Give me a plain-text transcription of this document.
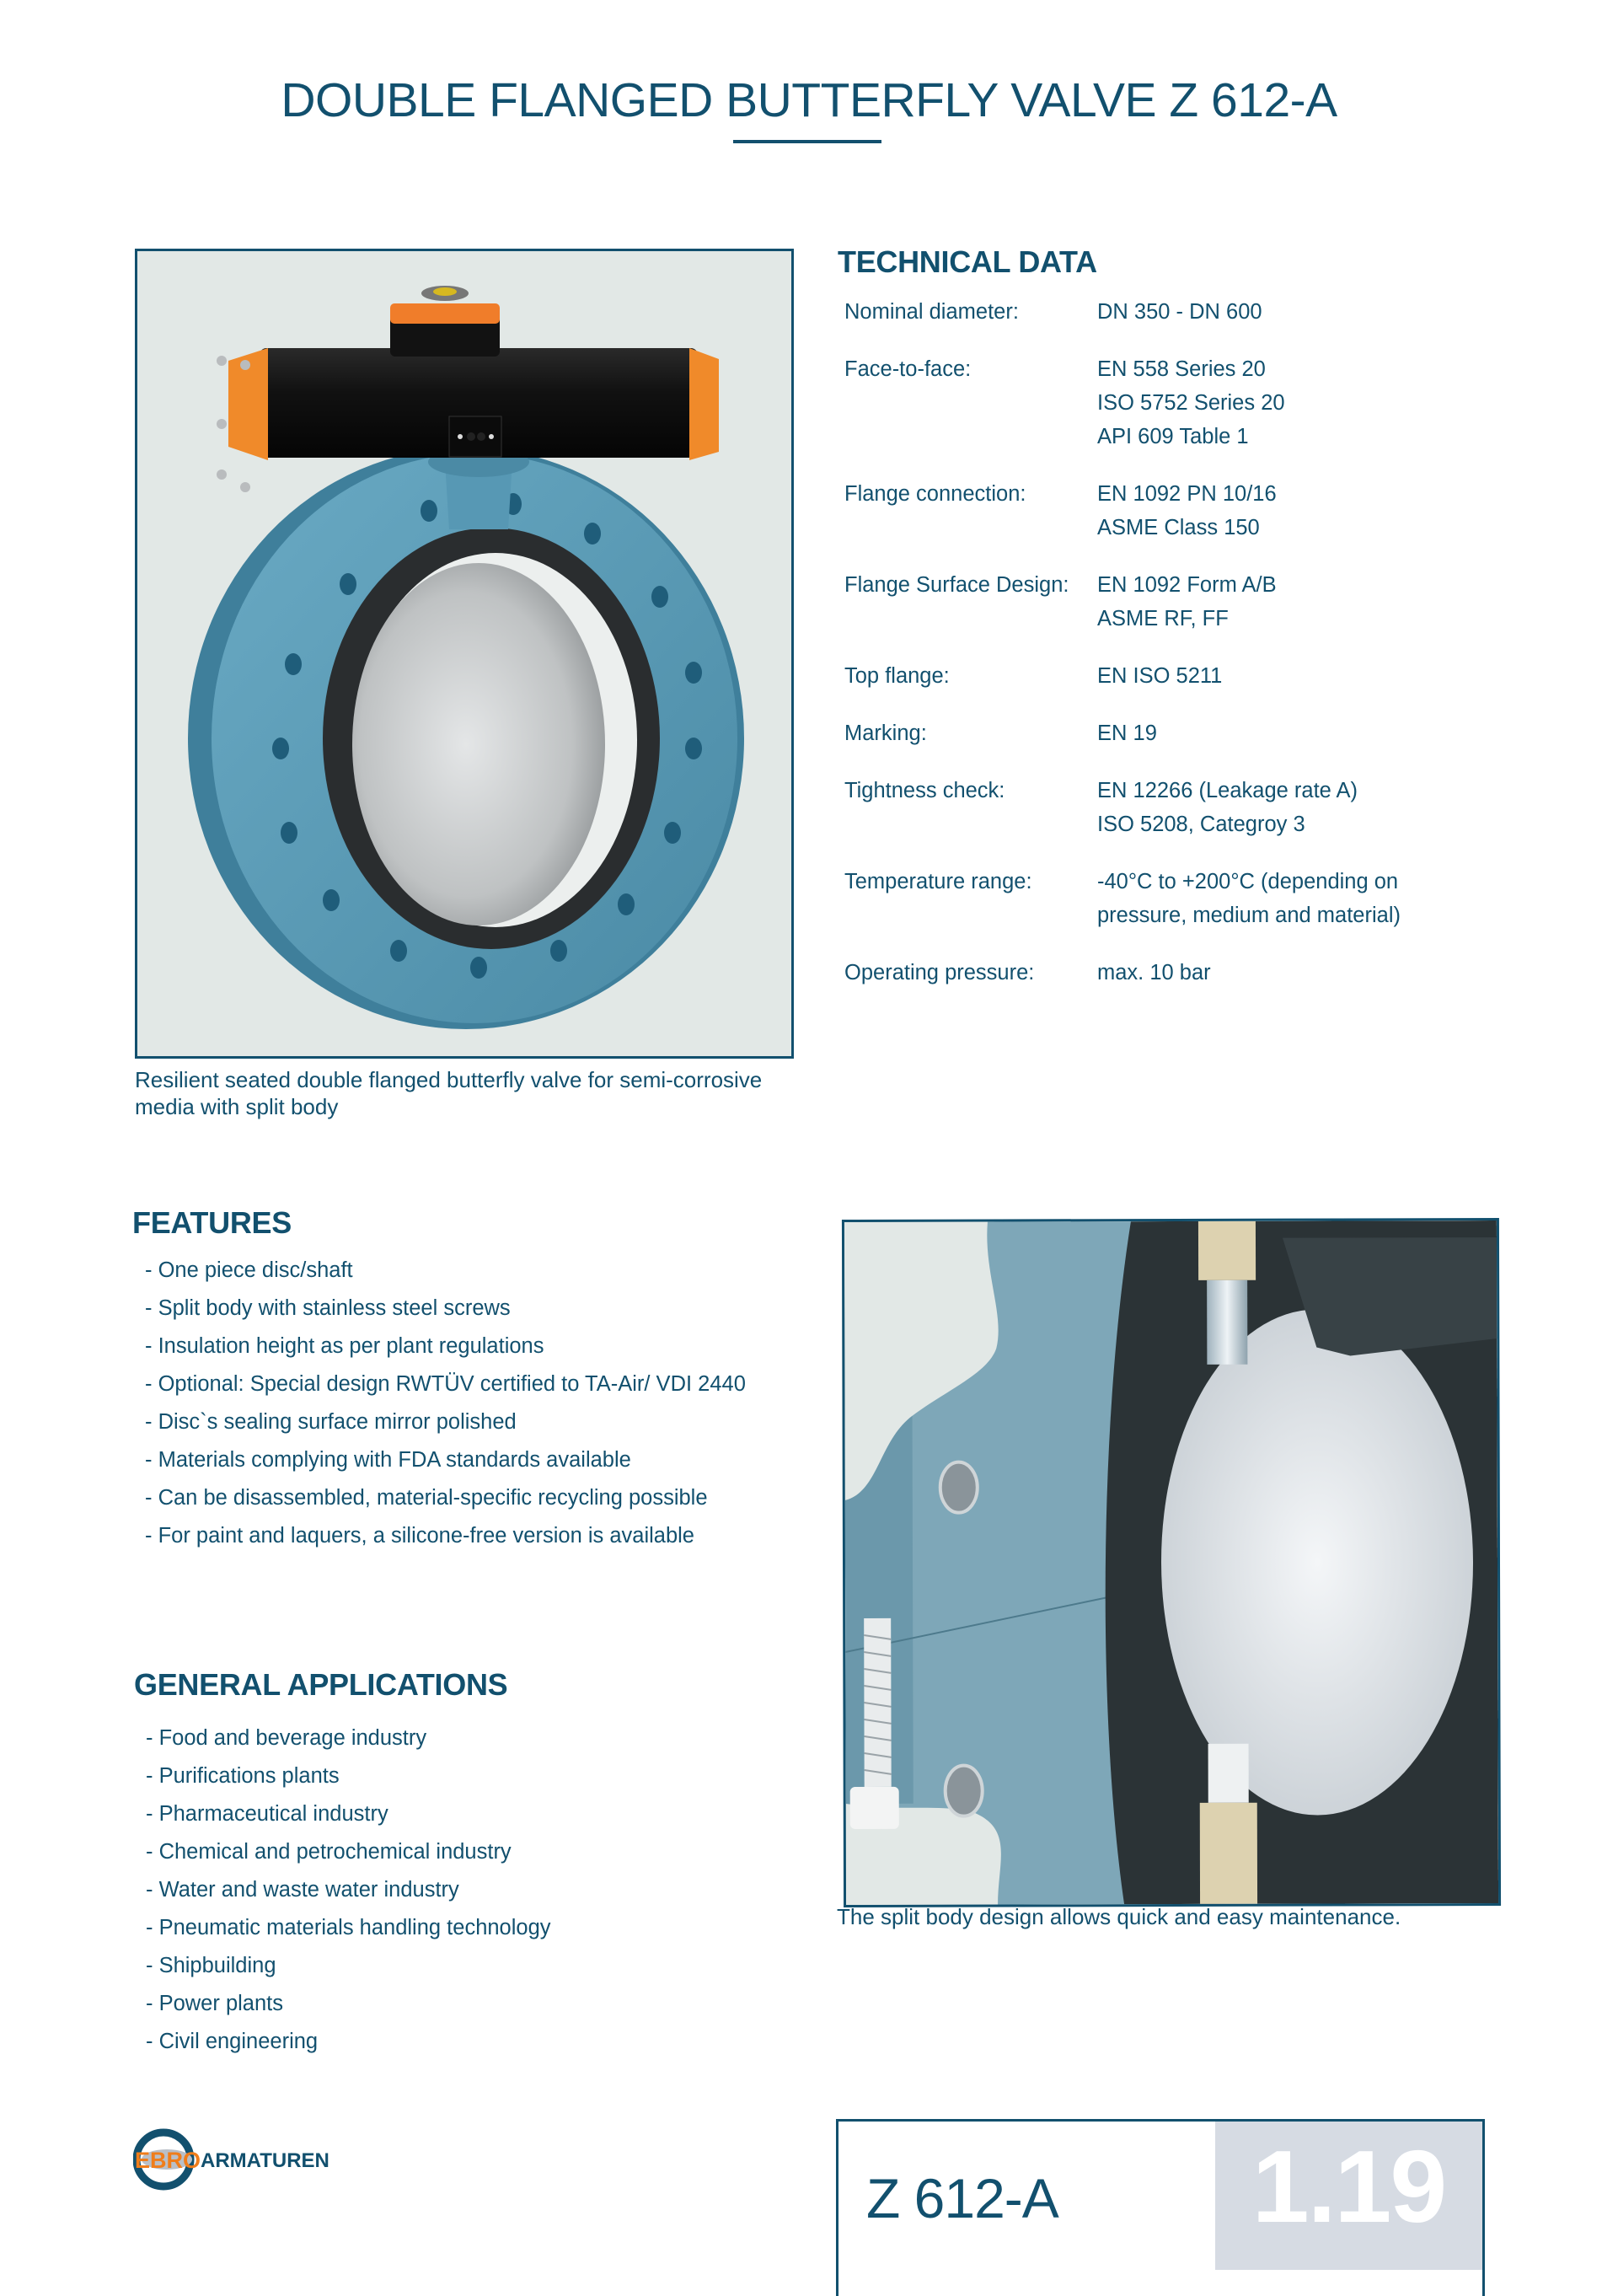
DOUBLE FLANGED BUTTERFLY VALVE Z 612-A
Resilient seated double flanged butterfly valve for semi-corrosive media with split body
TECHNICAL DATA
Nominal diameter:	DN 350 - DN 600
Face-to-face:	EN 558 Series 20
ISO 5752 Series 20
API 609 Table 1
Flange connection:	EN 1092 PN 10/16
ASME Class 150
Flange Surface Design:	EN 1092 Form A/B
ASME RF, FF
Top flange:	EN ISO 5211
Marking:	EN 19
Tightness check:	EN 12266 (Leakage rate A)
ISO 5208, Categroy 3
Temperature range:	-40°C to +200°C (depending on
pressure, medium and material)
Operating pressure:	max. 10 bar
FEATURES
- One piece disc/shaft
- Split body with stainless steel screws
- Insulation height as per plant regulations
- Optional: Special design RWTÜV certified to TA-Air/ VDI 2440
- Disc`s sealing surface mirror polished
- Materials complying with FDA standards available
- Can be disassembled, material-specific recycling possible
- For paint and laquers, a silicone-free version is available
GENERAL APPLICATIONS
- Food and beverage industry
- Purifications plants
- Pharmaceutical industry
- Chemical and petrochemical industry
- Water and waste water industry
- Pneumatic materials handling technology
- Shipbuilding
- Power plants
- Civil engineering
The split body design allows quick and easy maintenance.
EBRO ARMATUREN
Z 612-A	1.19
